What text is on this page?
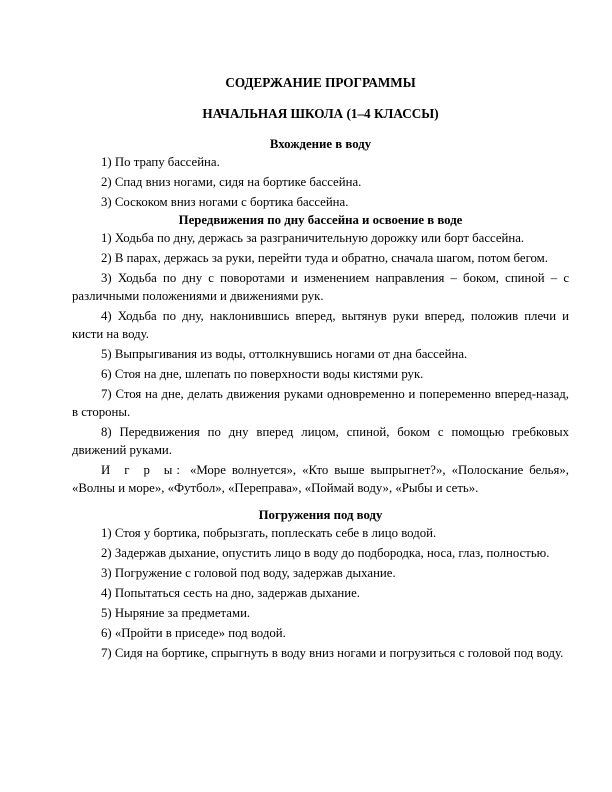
СОДЕРЖАНИЕ ПРОГРАММЫ

НАЧАЛЬНАЯ ШКОЛА (1–4 КЛАССЫ)

Вхождение в воду

1) По трапу бассейна.

2) Спад вниз ногами, сидя на бортике бассейна.

3) Соскоком вниз ногами с бортика бассейна.

Передвижения по дну бассейна и освоение в воде

1) Ходьба по дну, держась за разграничительную дорожку или борт бассейна.

2) В парах, держась за руки, перейти туда и обратно, сначала шагом, потом бегом.

3) Ходьба по дну с поворотами и изменением направления – боком, спиной – с различными положениями и движениями рук.

4) Ходьба по дну, наклонившись вперед, вытянув руки вперед, положив плечи и кисти на воду.

5) Выпрыгивания из воды, оттолкнувшись ногами от дна бассейна.

6) Стоя на дне, шлепать по поверхности воды кистями рук.

7) Стоя на дне, делать движения руками одновременно и попеременно вперед-назад, в стороны.

8) Передвижения по дну вперед лицом, спиной, боком с помощью гребковых движений руками.

И г р ы: «Море волнуется», «Кто выше выпрыгнет?», «Полоскание белья», «Волны и море», «Футбол», «Переправа», «Поймай воду», «Рыбы и сеть».

Погружения под воду

1) Стоя у бортика, побрызгать, поплескать себе в лицо водой.

2) Задержав дыхание, опустить лицо в воду до подбородка, носа, глаз, полностью.

3) Погружение с головой под воду, задержав дыхание.

4) Попытаться сесть на дно, задержав дыхание.

5) Ныряние за предметами.

6) «Пройти в приседе» под водой.

7) Сидя на бортике, спрыгнуть в воду вниз ногами и погрузиться с головой под воду.
